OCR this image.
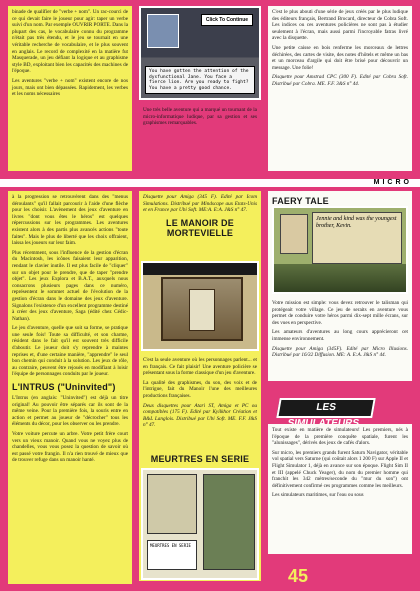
binade de qualifier de "verbe + nom". Un rac-courci de ce qui devait faire le joueur pour agir: taper un verbe suivi d'un nom. Par exemple OUVRIR PORTE. Dans la plupart des cas, le vocabulaire connu du programme n'était pas très étendu, et le jeu se tournait en une véritable recherche de vocabulaire, et le plus souvent en anglais. Le record de complexité en la matière fut Masquerade, un jeu défiant la logique et au graphisme style BD, exploitant bien les capacités des machines de l'époque.

Les aventures "verbe + nom" existent encore de nos jours, mais ont bien dépassées. Rapidement, les verbes et les noms nécessaires

Click To Continue
You have gotten the attention of the dysfunctional Jane. You face a fierce lion. Are you ready to fight? You have a pretty good chance.

Une très belle aventure qui a marqué un tournant de la micro-informatique ludique, par sa gestion et ses graphismes remarquables.

C'est le plus abouti d'une série de jeux créés par le plus ludique des éditeurs français, Bertrand Brocard, directeur de Cobra Soft. Les indices ou ces aventures policières ne sont pas à étudier seulement à l'écran, mais aussi parmi l'incroyable fatras livré avec la disquette.

Une petite caisse en bois renferme les morceaux de lettres déchirées, des cartes de visite, des notes d'hôtels et même un bas et un morceau d'argile qui doit être brisé pour découvrir un message. Une folie!

Disquette pour Amstrad CPC (300 F). Edité par Cobra Soft. Distribué par Cobra. ME. F.F. 3&S n° 44.

MICRO

à la progression se retrouvèrent dans des "menus déroulants" qu'il fallait parcourir à l'aide d'une flèche pour les choisir. L'avènement des jeux d'aventure en livres "dont vous êtes le héros" est quelques répercussions sur les programmes. Les aventures existent alors à des partis plus avancés actions "toute faites". Mais le plus de liberté que les choix offraient, laissa les joueurs sur leur faim.

Plus récemment, sous l'influence de la gestion d'écran du Macintosh, les icônes faisaient leur apparition, rendant le clavier inutile. Il est plus facile de "cliquer" sur un objet pour le prendre, que de taper "prendre objet". Les jeux Explora et B.A.T., auxquels nous consacrons plusieurs pages dans ce numéro, représentent le sommet actuel de l'évolution de la gestion d'écran dans le domaine des jeux d'aventure. Signalons l'existence d'un excellent programme destiné à créer des jeux d'aventure, Saga (édité chez Cédic-Nathan).

Le jeu d'aventure, quelle que soit sa forme, se pratique une seule fois! Toute sa difficulté, et son charme, résident dans le fait qu'il est souvent très difficile d'aboutir. Le joueur doit s'y reprendre à maintes reprises et, d'une certaine manière, "apprendre" le seul bon chemin qui conduit à la solution. Les jeux de rôle, au contraire, peuvent être rejoués en modifiant à loisir l'équipe de personnages conduits par le joueur.

L'INTRUS ("Uninvited")

L'Intrus (en anglais: "Uninvited") est déjà un titre original! Au pouvoir être séparés car ils sont de la même veine. Pour la première fois, la souris entre en action et permet au joueur de "décrocher" tous les éléments du décor, pour les observer ou les prendre.

Votre voiture percute un arbre. Votre petit frère court vers un vieux manoir. Quand vous ne voyez plus de chandelles, vous vous posez la question de savoir où est passé votre frangin. Il n'a rien trouvé de mieux que de trouver refuge dans un manoir hanté.

Disquette pour Amiga (345 F). Edité par Icom Simulations. Distribué par Mindscape aux Etats-Unis et en France par Ubi Soft. ME:A. E:A. J&S n° 47.

LE MANOIR DE MORTEVIELLE

C'est la seule aventure où les personnages parlent... et en français. Ce fait plaisir! Une aventure policière se présentant sous la forme classique d'un jeu d'aventure.

La qualité des graphismes, du son, des voix et de l'intrigue, fait du Manoir l'une des meilleures productions françaises.

Deux disquettes pour Atari ST, Amiga et PC ou compatibles (175 F). Edité par Kyilkhor Création et B&L Langlois. Distribué par Ubi Soft. ME. F.F. J&S n° 47.

MEURTRES EN SERIE
MEURTRES EN SERIE
FAERY TALE
Jennie and kind was the youngest brother, Kevin.

Votre mission est simple: vous devez retrouver le talisman qui protégeait votre village. Ce jeu de seraits en aventure vous permet de conduire votre héros parmi dix-sept mille écrans, sur des vues en perspective.

Les amateurs d'aventures au long cours apprécieront cet immense environnement.

Disquette pour Amiga (345F). Edité par Micro Illusions. Distribué par 16/32 Diffusion. ME: A. E:A. J&S n° 44.

LES

Tout existe en matière de simulateurs! Les premiers, nés à l'époque de la première conquête spatiale, furent les "alunissages", dérivés des jeux de cafés d'alors.

Sur micro, les premiers grands furent Saturn Navigator, véritable vol spatial vers Saturne (qui coûtait alors 1 200 F) sur Apple II et Flight Simulator 1, déjà en avance sur son époque. Flight Sim II et III (appelé Chuck Yeager), du nom du premier homme qui franchit les 342 mètres/seconde du "mur du son") ont définitivement confirmé ces programmes comme les meilleurs.

Les simulateurs maritimes, sur l'eau ou sous

45
